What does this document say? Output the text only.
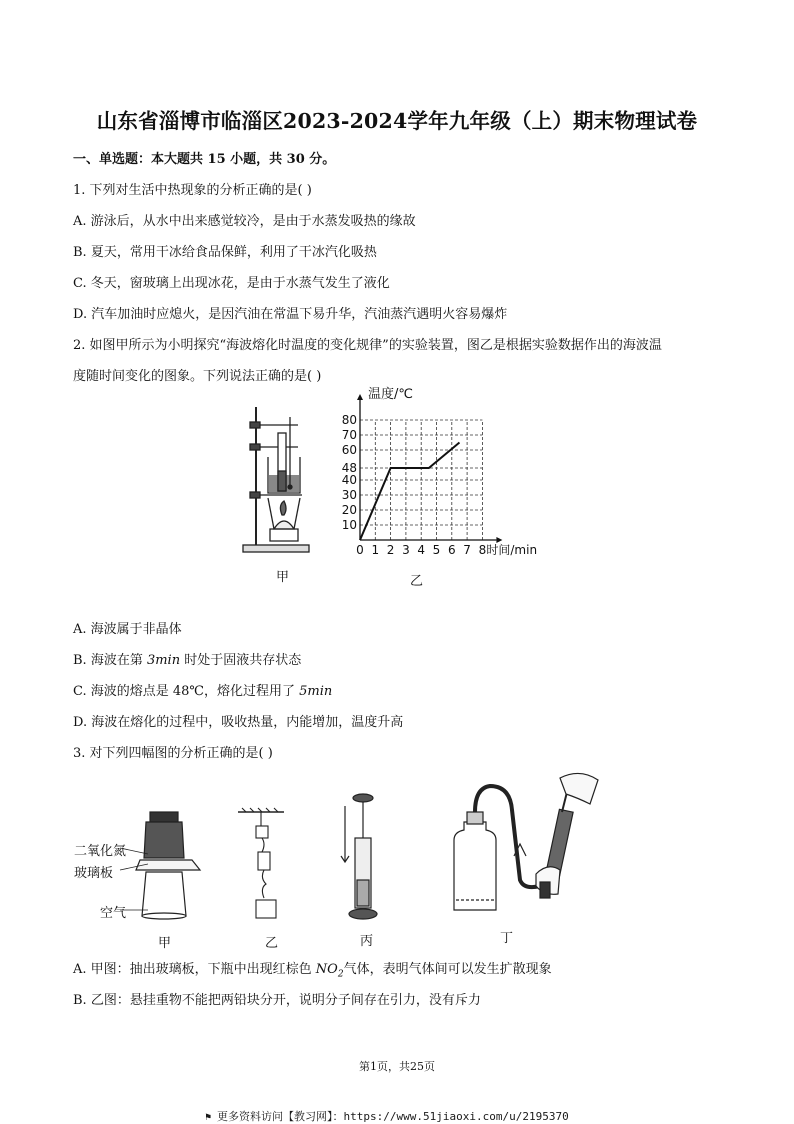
山东省淄博市临淄区2023-2024学年九年级（上）期末物理试卷
一、单选题：本大题共 15 小题，共 30 分。
1. 下列对生活中热现象的分析正确的是( )
A. 游泳后，从水中出来感觉较冷，是由于水蒸发吸热的缘故
B. 夏天，常用干冰给食品保鲜，利用了干冰汽化吸热
C. 冬天，窗玻璃上出现冰花，是由于水蒸气发生了液化
D. 汽车加油时应熄火，是因汽油在常温下易升华，汽油蒸汽遇明火容易爆炸
2. 如图甲所示为小明探究“海波熔化时温度的变化规律”的实验装置，图乙是根据实验数据作出的海波温
度随时间变化的图象。下列说法正确的是( )
甲
10
20
30
40
48
60
70
80
0 1 2 3 4 5 6 7 8
温度/℃
时间/min
乙
A. 海波属于非晶体
B. 海波在第 3min 时处于固液共存状态
C. 海波的熔点是 48℃，熔化过程用了 5min
D. 海波在熔化的过程中，吸收热量，内能增加，温度升高
3. 对下列四幅图的分析正确的是( )
二氧化氮
玻璃板
空气
甲	乙	丙	丁
A. 甲图：抽出玻璃板，下瓶中出现红棕色 $NO_2$气体，表明气体间可以发生扩散现象
B. 乙图：悬挂重物不能把两铅块分开，说明分子间存在引力，没有斥力
第1页，共25页
⚑ 更多资料访问【教习网】：https://www.51jiaoxi.com/u/2195370
